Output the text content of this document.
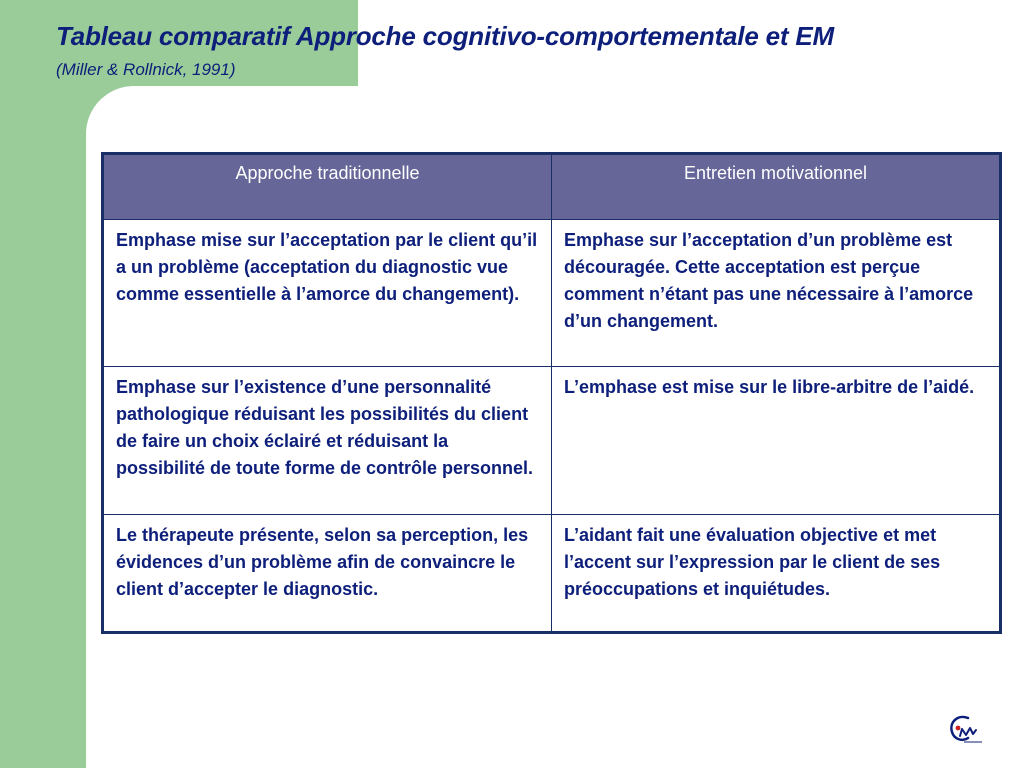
Tableau comparatif Approche cognitivo-comportementale et EM

(Miller & Rollnick, 1991)

Approche traditionnelle	Entretien motivationnel
Emphase mise sur l’acceptation par le client qu’il a un problème (acceptation du diagnostic vue comme essentielle à l’amorce du changement).	Emphase sur l’acceptation d’un problème est découragée. Cette acceptation est perçue comment n’étant pas une nécessaire à l’amorce d’un changement.
Emphase sur l’existence d’une personnalité pathologique réduisant les possibilités du client de faire un choix éclairé et réduisant la possibilité de toute forme de contrôle personnel.	L’emphase est mise sur le libre-arbitre de l’aidé.
Le thérapeute présente, selon sa perception, les évidences d’un problème afin de convaincre le client d’accepter le diagnostic.	L’aidant fait une évaluation objective et met l’accent sur l’expression par le client de ses préoccupations et inquiétudes.
